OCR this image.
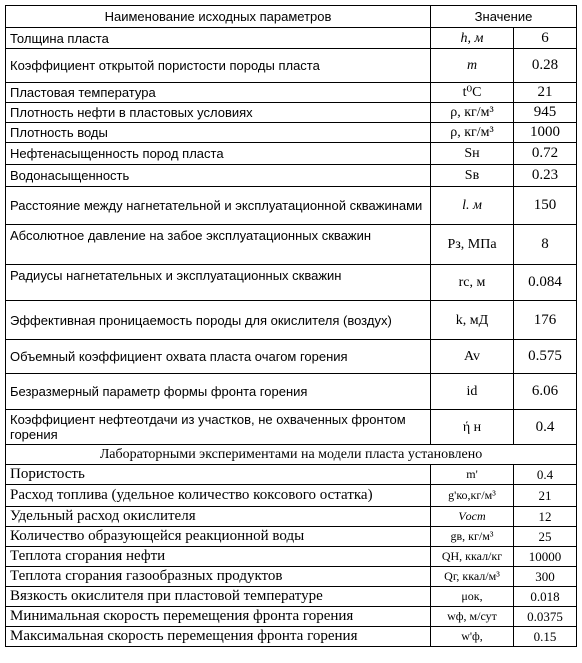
Наименование исходных параметров	Значение	
Толщина пласта	h, м	6
Коэффициент открытой пористости породы пласта	m	0.28
Пластовая температура	t⁰C	21
Плотность нефти в пластовых условиях	ρ, кг/м³	945
Плотность воды	ρ, кг/м³	1000
Нефтенасыщенность пород пласта	Sн	0.72
Водонасыщенность	Sв	0.23
Расстояние между нагнетательной и эксплуатационной скважинами	l. м	150
Абсолютное давление на забое эксплуатационных скважин	Рз, МПа	8
Радиусы нагнетательных и эксплуатационных скважин	rс, м	0.084
Эффективная проницаемость породы для окислителя (воздух)	k, мД	176
Объемный коэффициент охвата пласта очагом горения	Av	0.575
Безразмерный параметр формы фронта горения	id	6.06
Коэффициент нефтеотдачи из участков, не охваченных фронтом горения	ή н	0.4
Лабораторными экспериментами на модели пласта установлено		
Пористость	m'	0.4
Расход топлива (удельное количество коксового остатка)	g'ко,кг/м³	21
Удельный расход окислителя	Vост	12
Количество образующейся реакционной воды	gв, кг/м³	25
Теплота сгорания нефти	QH, ккал/кг	10000
Теплота сгорания газообразных продуктов	Qг, ккал/м³	300
Вязкость окислителя при пластовой температуре	μок,	0.018
Минимальная скорость перемещения фронта горения	wф, м/сут	0.0375
Максимальная скорость перемещения фронта горения	w'ф,	0.15
